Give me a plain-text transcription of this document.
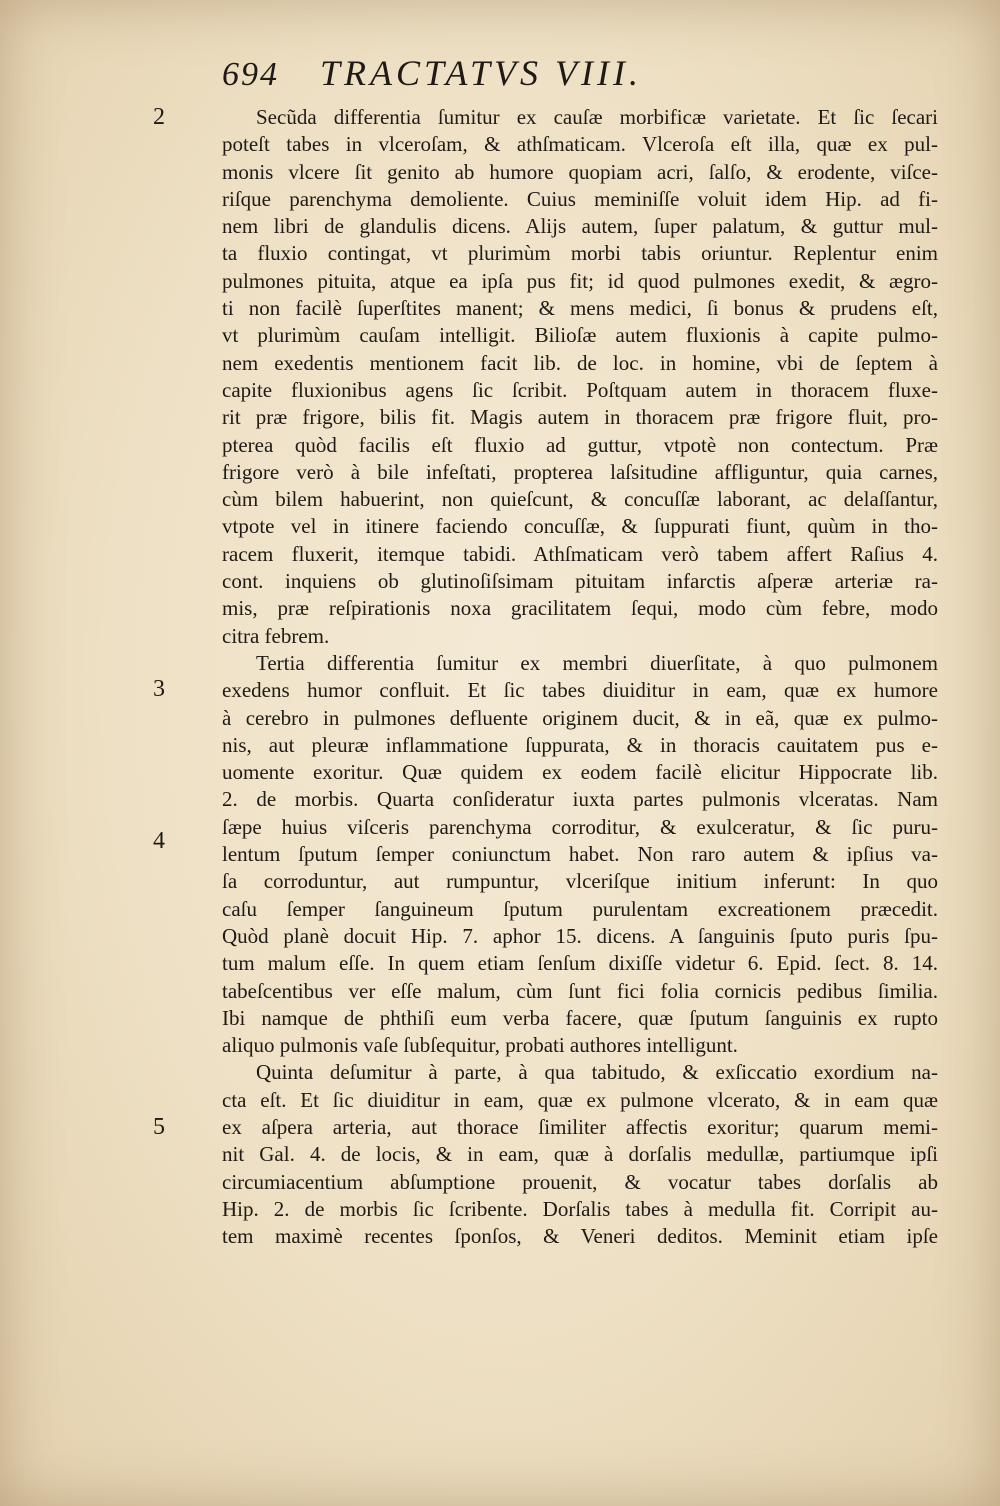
694 TRACTATVS VIII.
2
3
4
5
Secũda differentia ſumitur ex cauſæ morbificæ varietate. Et ſic ſecari
poteſt tabes in vlceroſam, & athſmaticam. Vlceroſa eſt illa, quæ ex pul-
monis vlcere ſit genito ab humore quopiam acri, ſalſo, & erodente, viſce-
riſque parenchyma demoliente. Cuius meminiſſe voluit idem Hip. ad fi-
nem libri de glandulis dicens. Alijs autem, ſuper palatum, & guttur mul-
ta fluxio contingat, vt plurimùm morbi tabis oriuntur. Replentur enim
pulmones pituita, atque ea ipſa pus fit; id quod pulmones exedit, & ægro-
ti non facilè ſuperſtites manent; & mens medici, ſi bonus & prudens eſt,
vt plurimùm cauſam intelligit. Bilioſæ autem fluxionis à capite pulmo-
nem exedentis mentionem facit lib. de loc. in homine, vbi de ſeptem à
capite fluxionibus agens ſic ſcribit. Poſtquam autem in thoracem fluxe-
rit præ frigore, bilis fit. Magis autem in thoracem præ frigore fluit, pro-
pterea quòd facilis eſt fluxio ad guttur, vtpotè non contectum. Præ
frigore verò à bile infeſtati, propterea laſsitudine affliguntur, quia carnes,
cùm bilem habuerint, non quieſcunt, & concuſſæ laborant, ac delaſſantur,
vtpote vel in itinere faciendo concuſſæ, & ſuppurati fiunt, quùm in tho-
racem fluxerit, itemque tabidi. Athſmaticam verò tabem affert Raſius 4.
cont. inquiens ob glutinoſiſsimam pituitam infarctis aſperæ arteriæ ra-
mis, præ reſpirationis noxa gracilitatem ſequi, modo cùm febre, modo
citra febrem.
Tertia differentia ſumitur ex membri diuerſitate, à quo pulmonem
exedens humor confluit. Et ſic tabes diuiditur in eam, quæ ex humore
à cerebro in pulmones defluente originem ducit, & in eã, quæ ex pulmo-
nis, aut pleuræ inflammatione ſuppurata, & in thoracis cauitatem pus e-
uomente exoritur. Quæ quidem ex eodem facilè elicitur Hippocrate lib.
2. de morbis. Quarta conſideratur iuxta partes pulmonis vlceratas. Nam
ſæpe huius viſceris parenchyma corroditur, & exulceratur, & ſic puru-
lentum ſputum ſemper coniunctum habet. Non raro autem & ipſius va-
ſa corroduntur, aut rumpuntur, vlceriſque initium inferunt: In quo
caſu ſemper ſanguineum ſputum purulentam excreationem præcedit.
Quòd planè docuit Hip. 7. aphor 15. dicens. A ſanguinis ſputo puris ſpu-
tum malum eſſe. In quem etiam ſenſum dixiſſe videtur 6. Epid. ſect. 8. 14.
tabeſcentibus ver eſſe malum, cùm ſunt fici folia cornicis pedibus ſimilia.
Ibi namque de phthiſi eum verba facere, quæ ſputum ſanguinis ex rupto
aliquo pulmonis vaſe ſubſequitur, probati authores intelligunt.
Quinta deſumitur à parte, à qua tabitudo, & exſiccatio exordium na-
cta eſt. Et ſic diuiditur in eam, quæ ex pulmone vlcerato, & in eam quæ
ex aſpera arteria, aut thorace ſimiliter affectis exoritur; quarum memi-
nit Gal. 4. de locis, & in eam, quæ à dorſalis medullæ, partiumque ipſi
circumiacentium abſumptione prouenit, & vocatur tabes dorſalis ab
Hip. 2. de morbis ſic ſcribente. Dorſalis tabes à medulla fit. Corripit au-
tem maximè recentes ſponſos, & Veneri deditos. Meminit etiam ipſe
